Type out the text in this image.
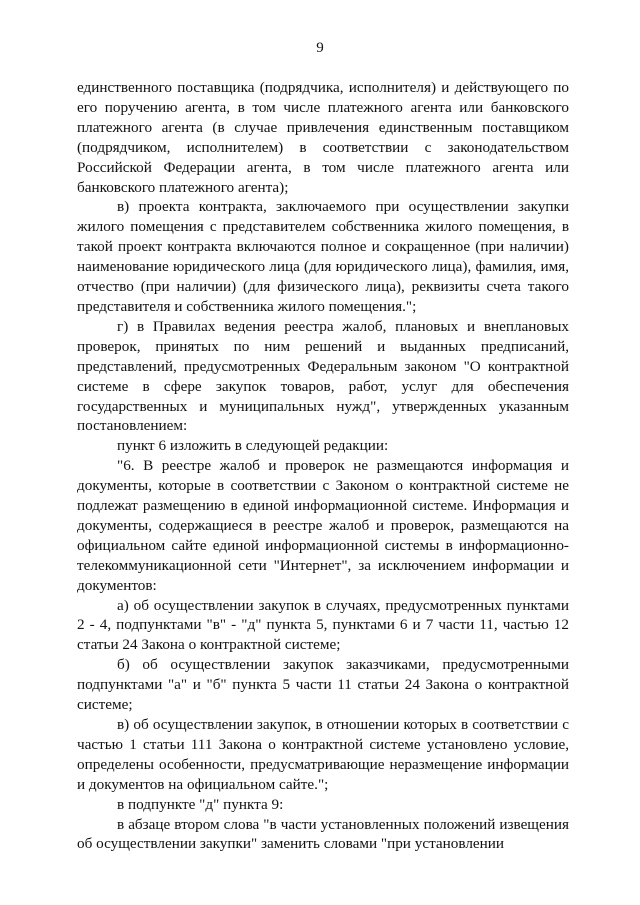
9

единственного поставщика (подрядчика, исполнителя) и действующего по его поручению агента, в том числе платежного агента или банковского платежного агента (в случае привлечения единственным поставщиком (подрядчиком, исполнителем) в соответствии с законодательством Российской Федерации агента, в том числе платежного агента или банковского платежного агента);

в) проекта контракта, заключаемого при осуществлении закупки жилого помещения с представителем собственника жилого помещения, в такой проект контракта включаются полное и сокращенное (при наличии) наименование юридического лица (для юридического лица), фамилия, имя, отчество (при наличии) (для физического лица), реквизиты счета такого представителя и собственника жилого помещения.";

г) в Правилах ведения реестра жалоб, плановых и внеплановых проверок, принятых по ним решений и выданных предписаний, представлений, предусмотренных Федеральным законом "О контрактной системе в сфере закупок товаров, работ, услуг для обеспечения государственных и муниципальных нужд", утвержденных указанным постановлением:

пункт 6 изложить в следующей редакции:

"6. В реестре жалоб и проверок не размещаются информация и документы, которые в соответствии с Законом о контрактной системе не подлежат размещению в единой информационной системе. Информация и документы, содержащиеся в реестре жалоб и проверок, размещаются на официальном сайте единой информационной системы в информационно-телекоммуникационной сети "Интернет", за исключением информации и документов:

а) об осуществлении закупок в случаях, предусмотренных пунктами 2 - 4, подпунктами "в" - "д" пункта 5, пунктами 6 и 7 части 11, частью 12 статьи 24 Закона о контрактной системе;

б) об осуществлении закупок заказчиками, предусмотренными подпунктами "а" и "б" пункта 5 части 11 статьи 24 Закона о контрактной системе;

в) об осуществлении закупок, в отношении которых в соответствии с частью 1 статьи 111 Закона о контрактной системе установлено условие, определены особенности, предусматривающие неразмещение информации и документов на официальном сайте.";

в подпункте "д" пункта 9:

в абзаце втором слова "в части установленных положений извещения об осуществлении закупки" заменить словами "при установлении
